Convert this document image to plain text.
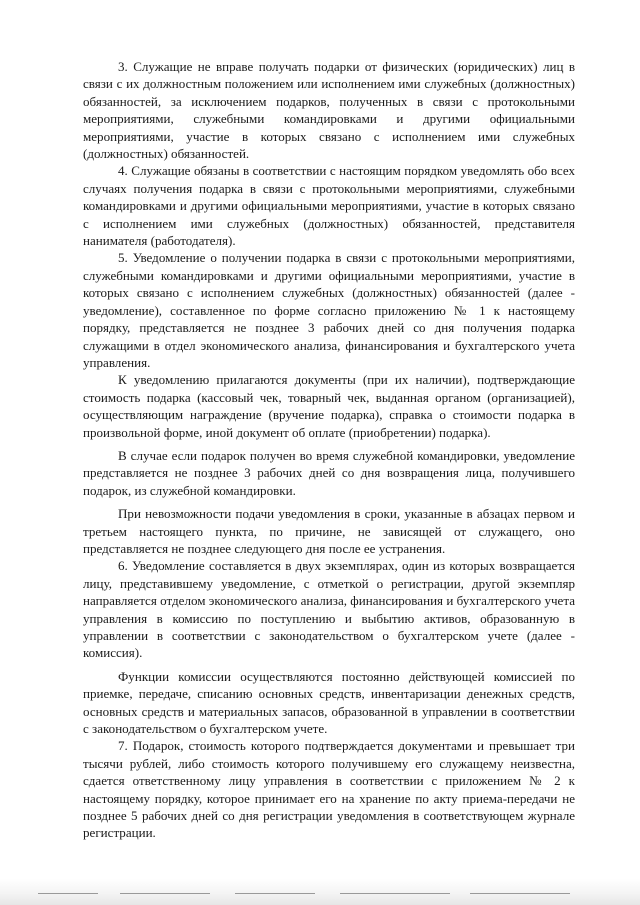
3. Служащие не вправе получать подарки от физических (юридических) лиц в связи с их должностным положением или исполнением ими служебных (должностных) обязанностей, за исключением подарков, полученных в связи с протокольными мероприятиями, служебными командировками и другими официальными мероприятиями, участие в которых связано с исполнением ими служебных (должностных) обязанностей.

4. Служащие обязаны в соответствии с настоящим порядком уведомлять обо всех случаях получения подарка в связи с протокольными мероприятиями, служебными командировками и другими официальными мероприятиями, участие в которых связано с исполнением ими служебных (должностных) обязанностей, представителя нанимателя (работодателя).

5. Уведомление о получении подарка в связи с протокольными мероприятиями, служебными командировками и другими официальными мероприятиями, участие в которых связано с исполнением служебных (должностных) обязанностей (далее - уведомление), составленное по форме согласно приложению № 1 к настоящему порядку, представляется не позднее 3 рабочих дней со дня получения подарка служащими в отдел экономического анализа, финансирования и бухгалтерского учета управления.

К уведомлению прилагаются документы (при их наличии), подтверждающие стоимость подарка (кассовый чек, товарный чек, выданная органом (организацией), осуществляющим награждение (вручение подарка), справка о стоимости подарка в произвольной форме, иной документ об оплате (приобретении) подарка).

В случае если подарок получен во время служебной командировки, уведомление представляется не позднее 3 рабочих дней со дня возвращения лица, получившего подарок, из служебной командировки.

При невозможности подачи уведомления в сроки, указанные в абзацах первом и третьем настоящего пункта, по причине, не зависящей от служащего, оно представляется не позднее следующего дня после ее устранения.

6. Уведомление составляется в двух экземплярах, один из которых возвращается лицу, представившему уведомление, с отметкой о регистрации, другой экземпляр направляется отделом экономического анализа, финансирования и бухгалтерского учета управления в комиссию по поступлению и выбытию активов, образованную в управлении в соответствии с законодательством о бухгалтерском учете (далее - комиссия).

Функции комиссии осуществляются постоянно действующей комиссией по приемке, передаче, списанию основных средств, инвентаризации денежных средств, основных средств и материальных запасов, образованной в управлении в соответствии с законодательством о бухгалтерском учете.

7. Подарок, стоимость которого подтверждается документами и превышает три тысячи рублей, либо стоимость которого получившему его служащему неизвестна, сдается ответственному лицу управления в соответствии с приложением № 2 к настоящему порядку, которое принимает его на хранение по акту приема-передачи не позднее 5 рабочих дней со дня регистрации уведомления в соответствующем журнале регистрации.
